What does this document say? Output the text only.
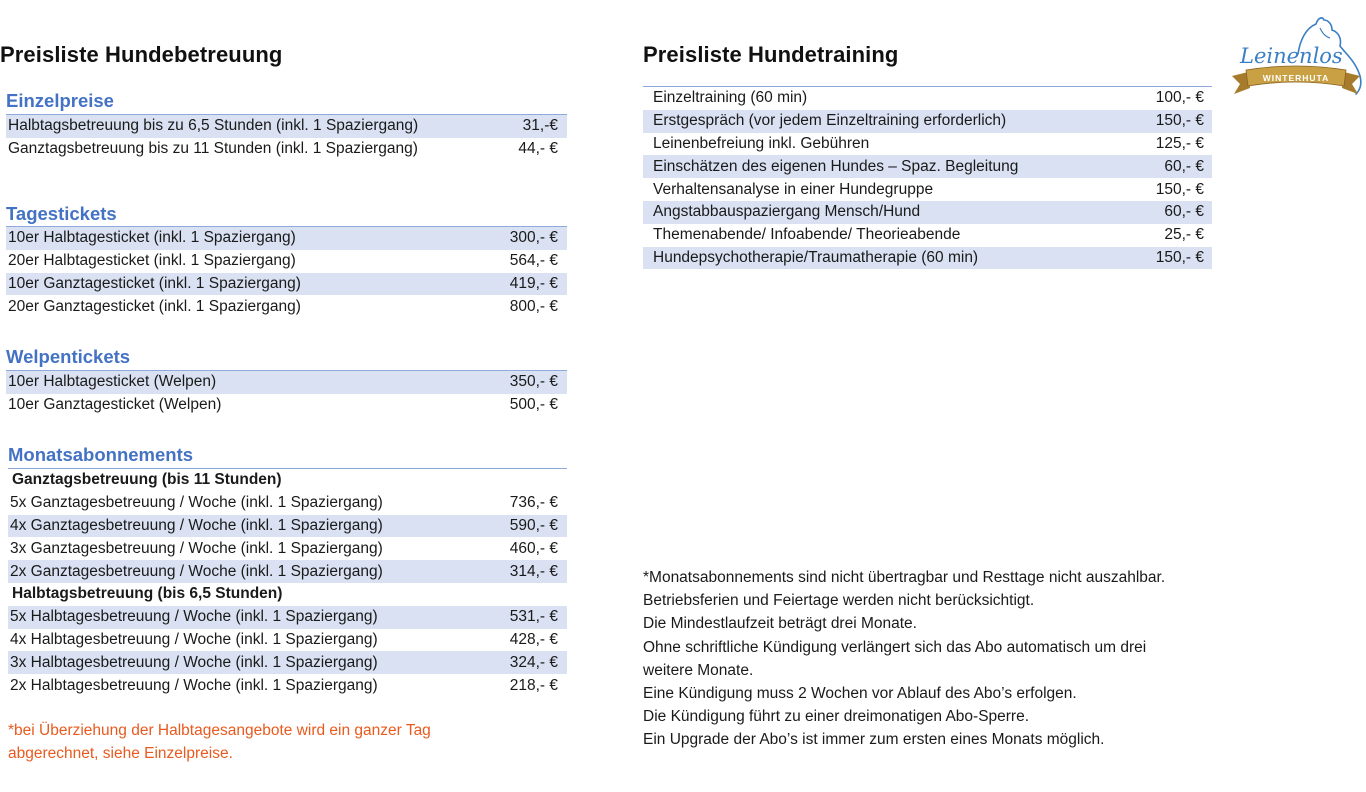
Preisliste Hundebetreuung
Einzelpreise
Halbtagsbetreuung bis zu 6,5 Stunden (inkl. 1 Spaziergang)	31,-€
Ganztagsbetreuung bis zu 11 Stunden (inkl. 1 Spaziergang)	44,- €
Tagestickets
10er Halbtagesticket (inkl. 1 Spaziergang)	300,- €
20er Halbtagesticket (inkl. 1 Spaziergang)	564,- €
10er Ganztagesticket (inkl. 1 Spaziergang)	419,- €
20er Ganztagesticket (inkl. 1 Spaziergang)	800,- €
Welpentickets
10er Halbtagesticket (Welpen)	350,- €
10er Ganztagesticket (Welpen)	500,- €
Monatsabonnements
Ganztagsbetreuung (bis 11 Stunden)
5x Ganztagesbetreuung / Woche (inkl. 1 Spaziergang)	736,- €
4x Ganztagesbetreuung / Woche (inkl. 1 Spaziergang)	590,- €
3x Ganztagesbetreuung / Woche (inkl. 1 Spaziergang)	460,- €
2x Ganztagesbetreuung / Woche (inkl. 1 Spaziergang)	314,- €
Halbtagsbetreuung (bis 6,5 Stunden)
5x Halbtagesbetreuung / Woche (inkl. 1 Spaziergang)	531,- €
4x Halbtagesbetreuung / Woche (inkl. 1 Spaziergang)	428,- €
3x Halbtagesbetreuung / Woche (inkl. 1 Spaziergang)	324,- €
2x Halbtagesbetreuung / Woche (inkl. 1 Spaziergang)	218,- €
*bei Überziehung der Halbtagesangebote wird ein ganzer Tag
abgerechnet, siehe Einzelpreise.
Preisliste Hundetraining
Einzeltraining (60 min)	100,- €
Erstgespräch (vor jedem Einzeltraining erforderlich)	150,- €
Leinenbefreiung inkl. Gebühren	125,- €
Einschätzen des eigenen Hundes – Spaz. Begleitung	60,- €
Verhaltensanalyse in einer Hundegruppe	150,- €
Angstabbauspaziergang Mensch/Hund	60,- €
Themenabende/ Infoabende/ Theorieabende	25,- €
Hundepsychotherapie/Traumatherapie (60 min)	150,- €
*Monatsabonnements sind nicht übertragbar und Resttage nicht auszahlbar.
Betriebsferien und Feiertage werden nicht berücksichtigt.
Die Mindestlaufzeit beträgt drei Monate.
Ohne schriftliche Kündigung verlängert sich das Abo automatisch um drei
weitere Monate.
Eine Kündigung muss 2 Wochen vor Ablauf des Abo’s erfolgen.
Die Kündigung führt zu einer dreimonatigen Abo-Sperre.
Ein Upgrade der Abo’s ist immer zum ersten eines Monats möglich.
WINTERHUTA
Leinenlos
